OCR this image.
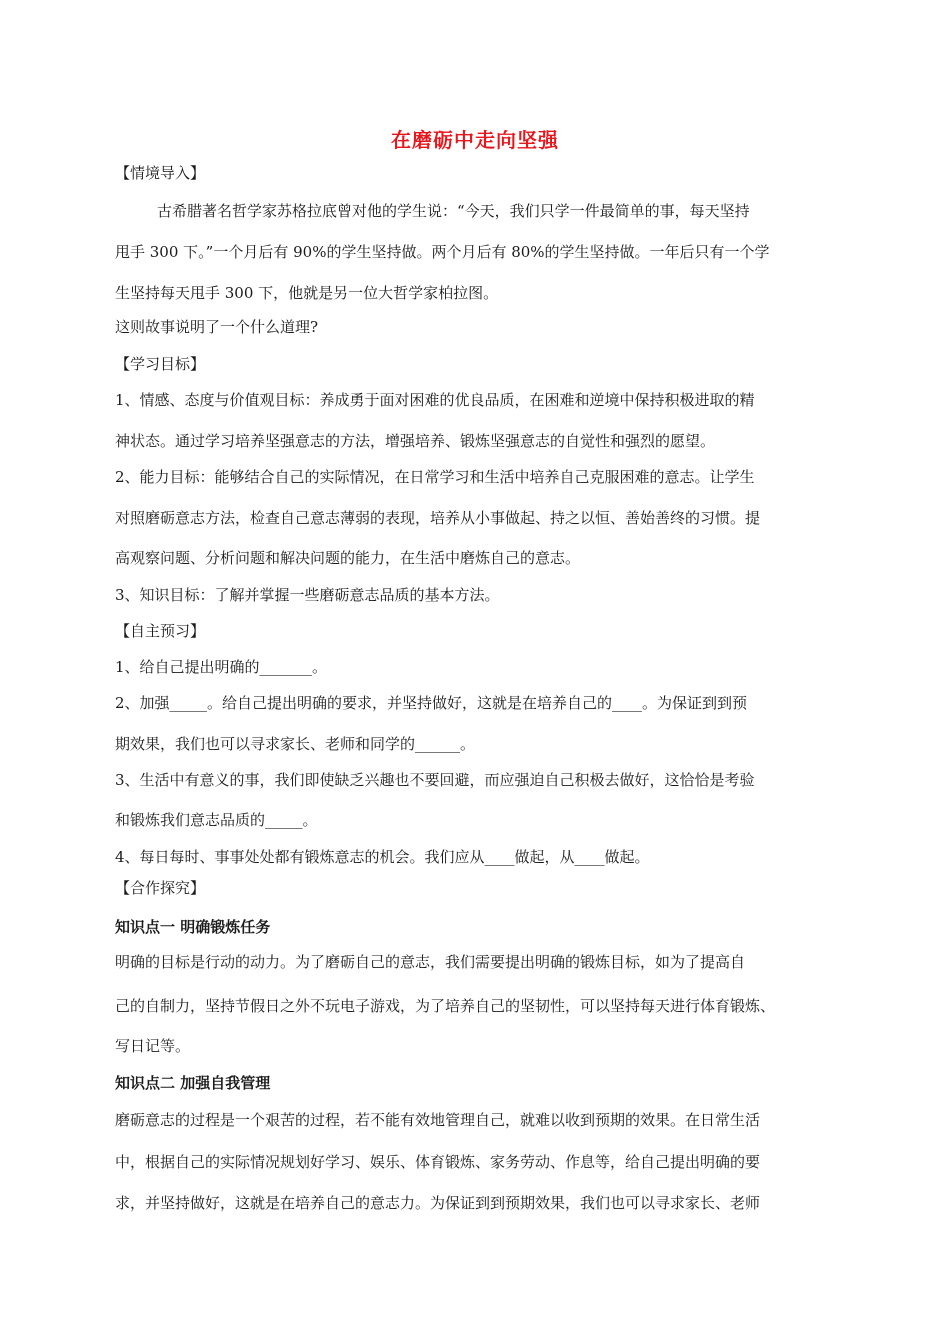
在磨砺中走向坚强
【情境导入】
古希腊著名哲学家苏格拉底曾对他的学生说：“今天，我们只学一件最简单的事，每天坚持
甩手 300 下。”一个月后有 90%的学生坚持做。两个月后有 80%的学生坚持做。一年后只有一个学
生坚持每天甩手 300 下，他就是另一位大哲学家柏拉图。
这则故事说明了一个什么道理?
【学习目标】
1、情感、态度与价值观目标：养成勇于面对困难的优良品质，在困难和逆境中保持积极进取的精
神状态。通过学习培养坚强意志的方法，增强培养、锻炼坚强意志的自觉性和强烈的愿望。
2、能力目标：能够结合自己的实际情况，在日常学习和生活中培养自己克服困难的意志。让学生
对照磨砺意志方法，检查自己意志薄弱的表现，培养从小事做起、持之以恒、善始善终的习惯。提
高观察问题、分析问题和解决问题的能力，在生活中磨炼自己的意志。
3、知识目标：了解并掌握一些磨砺意志品质的基本方法。
【自主预习】
1、给自己提出明确的_______。
2、加强_____。给自己提出明确的要求，并坚持做好，这就是在培养自己的____。为保证到到预
期效果，我们也可以寻求家长、老师和同学的______。
3、生活中有意义的事，我们即使缺乏兴趣也不要回避，而应强迫自己积极去做好，这恰恰是考验
和锻炼我们意志品质的_____。
4、每日每时、事事处处都有锻炼意志的机会。我们应从____做起，从____做起。
【合作探究】
知识点一 明确锻炼任务
明确的目标是行动的动力。为了磨砺自己的意志，我们需要提出明确的锻炼目标，如为了提高自
己的自制力，坚持节假日之外不玩电子游戏，为了培养自己的坚韧性，可以坚持每天进行体育锻炼、
写日记等。
知识点二 加强自我管理
磨砺意志的过程是一个艰苦的过程，若不能有效地管理自己，就难以收到预期的效果。在日常生活
中，根据自己的实际情况规划好学习、娱乐、体育锻炼、家务劳动、作息等，给自己提出明确的要
求，并坚持做好，这就是在培养自己的意志力。为保证到到预期效果，我们也可以寻求家长、老师
